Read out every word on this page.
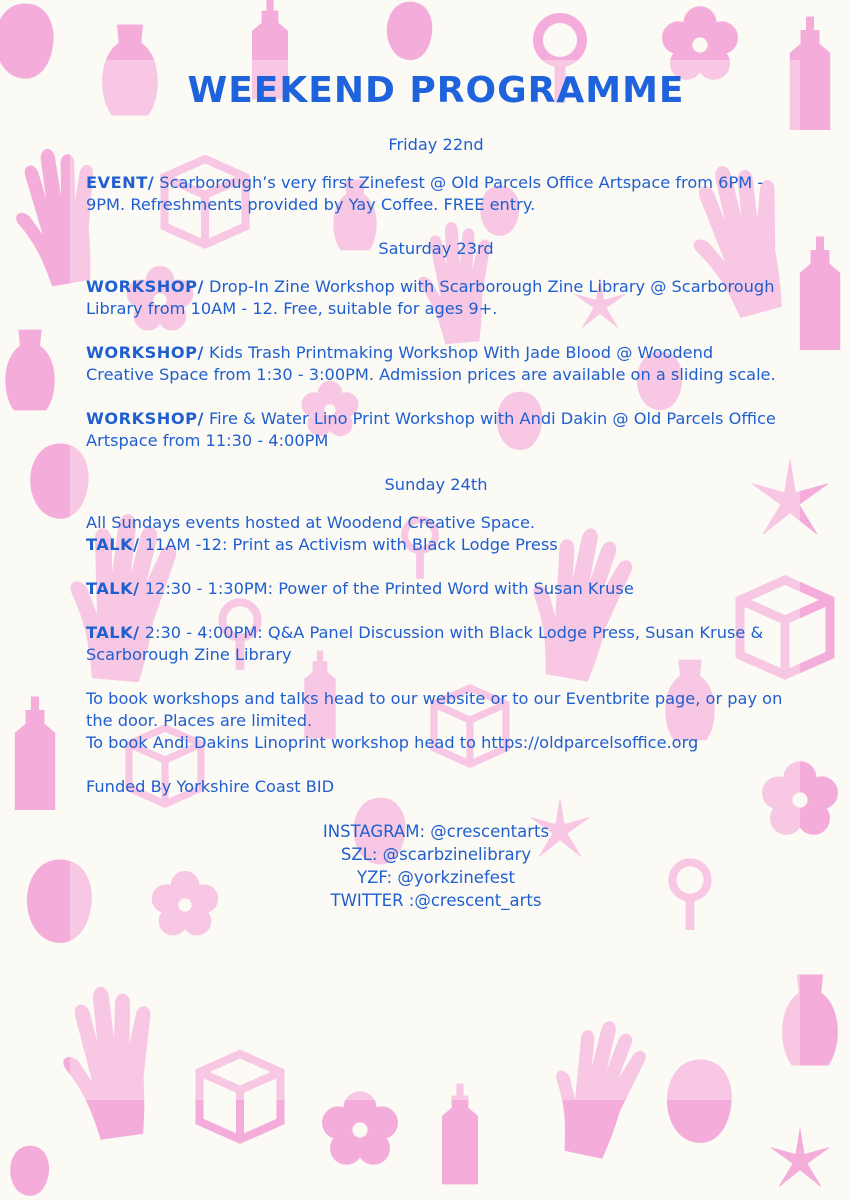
WEEKEND PROGRAMME
Friday 22nd
EVENT/ Scarborough’s very first Zinefest @ Old Parcels Office Artspace from 6PM - 9PM. Refreshments provided by Yay Coffee. FREE entry.
Saturday 23rd
WORKSHOP/ Drop-In Zine Workshop with Scarborough Zine Library @ Scarborough Library from 10AM - 12. Free, suitable for ages 9+.
WORKSHOP/ Kids Trash Printmaking Workshop With Jade Blood @ Woodend Creative Space from 1:30 - 3:00PM. Admission prices are available on a sliding scale.
WORKSHOP/ Fire & Water Lino Print Workshop with Andi Dakin @ Old Parcels Office Artspace from 11:30 - 4:00PM
Sunday 24th
All Sundays events hosted at Woodend Creative Space.
TALK/ 11AM -12: Print as Activism with Black Lodge Press
TALK/ 12:30 - 1:30PM: Power of the Printed Word with Susan Kruse
TALK/ 2:30 - 4:00PM: Q&A Panel Discussion with Black Lodge Press, Susan Kruse & Scarborough Zine Library
To book workshops and talks head to our website or to our Eventbrite page, or pay on the door. Places are limited.
To book Andi Dakins Linoprint workshop head to https://oldparcelsoffice.org
Funded By Yorkshire Coast BID
INSTAGRAM: @crescentarts
SZL: @scarbzinelibrary
YZF: @yorkzinefest
TWITTER :@crescent_arts
